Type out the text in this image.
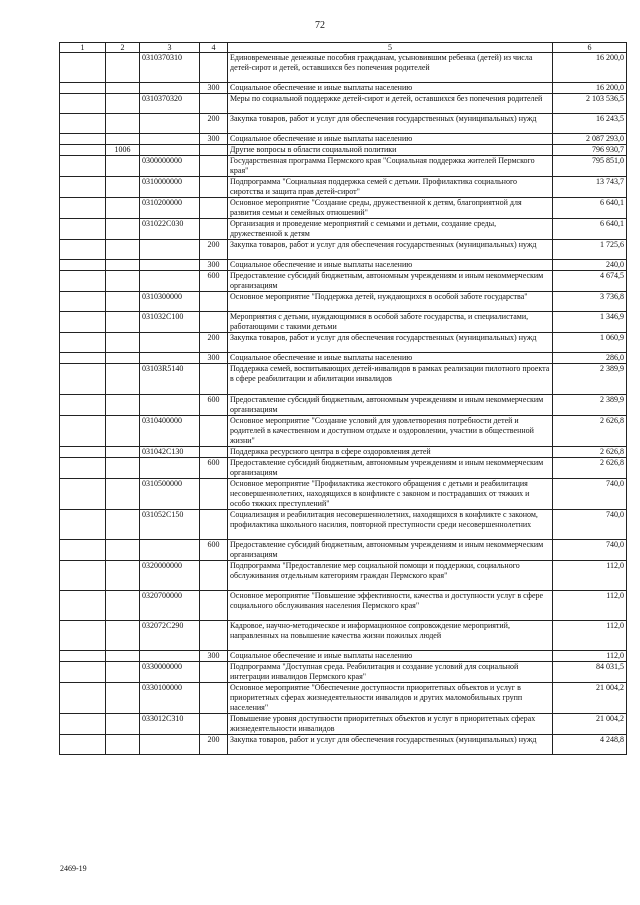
72
1	2	3	4	5	6
		0310370310		Единовременные денежные пособия гражданам, усыновившим ребенка (детей) из числа детей-сирот и детей, оставшихся без попечения родителей	16 200,0
			300	Социальное обеспечение и иные выплаты населению	16 200,0
		0310370320		Меры по социальной поддержке детей-сирот и детей, оставшихся без попечения родителей	2 103 536,5
			200	Закупка товаров, работ и услуг для обеспечения государственных (муниципальных) нужд	16 243,5
			300	Социальное обеспечение и иные выплаты населению	2 087 293,0
	1006			Другие вопросы в области социальной политики	796 930,7
		0300000000		Государственная программа Пермского края "Социальная поддержка жителей Пермского края"	795 851,0
		0310000000		Подпрограмма "Социальная поддержка семей с детьми. Профилактика социального сиротства и защита прав детей-сирот"	13 743,7
		0310200000		Основное мероприятие "Создание среды, дружественной к детям, благоприятной для развития семьи и семейных отношений"	6 640,1
		031022С030		Организация и проведение мероприятий с семьями и детьми, создание среды, дружественной к детям	6 640,1
			200	Закупка товаров, работ и услуг для обеспечения государственных (муниципальных) нужд	1 725,6
			300	Социальное обеспечение и иные выплаты населению	240,0
			600	Предоставление субсидий бюджетным, автономным учреждениям и иным некоммерческим организациям	4 674,5
		0310300000		Основное мероприятие "Поддержка детей, нуждающихся в особой заботе государства"	3 736,8
		031032С100		Мероприятия с детьми, нуждающимися в особой заботе государства, и специалистами, работающими с такими детьми	1 346,9
			200	Закупка товаров, работ и услуг для обеспечения государственных (муниципальных) нужд	1 060,9
			300	Социальное обеспечение и иные выплаты населению	286,0
		03103R5140		Поддержка семей, воспитывающих детей-инвалидов в рамках реализации пилотного проекта в сфере реабилитации и абилитации инвалидов	2 389,9
			600	Предоставление субсидий бюджетным, автономным учреждениям и иным некоммерческим организациям	2 389,9
		0310400000		Основное мероприятие "Создание условий для удовлетворения потребности детей и родителей в качественном и доступном отдыхе и оздоровлении, участии в общественной жизни"	2 626,8
		031042С130		Поддержка ресурсного центра в сфере оздоровления детей	2 626,8
			600	Предоставление субсидий бюджетным, автономным учреждениям и иным некоммерческим организациям	2 626,8
		0310500000		Основное мероприятие "Профилактика жестокого обращения с детьми и реабилитация несовершеннолетних, находящихся в конфликте с законом и пострадавших от тяжких и особо тяжких преступлений"	740,0
		031052С150		Социализация и реабилитация несовершеннолетних, находящихся в конфликте с законом, профилактика школьного насилия, повторной преступности среди несовершеннолетних	740,0
			600	Предоставление субсидий бюджетным, автономным учреждениям и иным некоммерческим организациям	740,0
		0320000000		Подпрограмма "Предоставление мер социальной помощи и поддержки, социального обслуживания отдельным категориям граждан Пермского края"	112,0
		0320700000		Основное мероприятие "Повышение эффективности, качества и доступности услуг в сфере социального обслуживания населения Пермского края"	112,0
		032072С290		Кадровое, научно-методическое и информационное сопровождение мероприятий, направленных на повышение качества жизни пожилых людей	112,0
			300	Социальное обеспечение и иные выплаты населению	112,0
		0330000000		Подпрограмма "Доступная среда. Реабилитация и создание условий для социальной интеграции инвалидов Пермского края"	84 031,5
		0330100000		Основное мероприятие "Обеспечение доступности приоритетных объектов и услуг в приоритетных сферах жизнедеятельности инвалидов и других маломобильных групп населения"	21 004,2
		033012С310		Повышение уровня доступности приоритетных объектов и услуг в приоритетных сферах жизнедеятельности инвалидов	21 004,2
			200	Закупка товаров, работ и услуг для обеспечения государственных (муниципальных) нужд	4 248,8
2469-19
